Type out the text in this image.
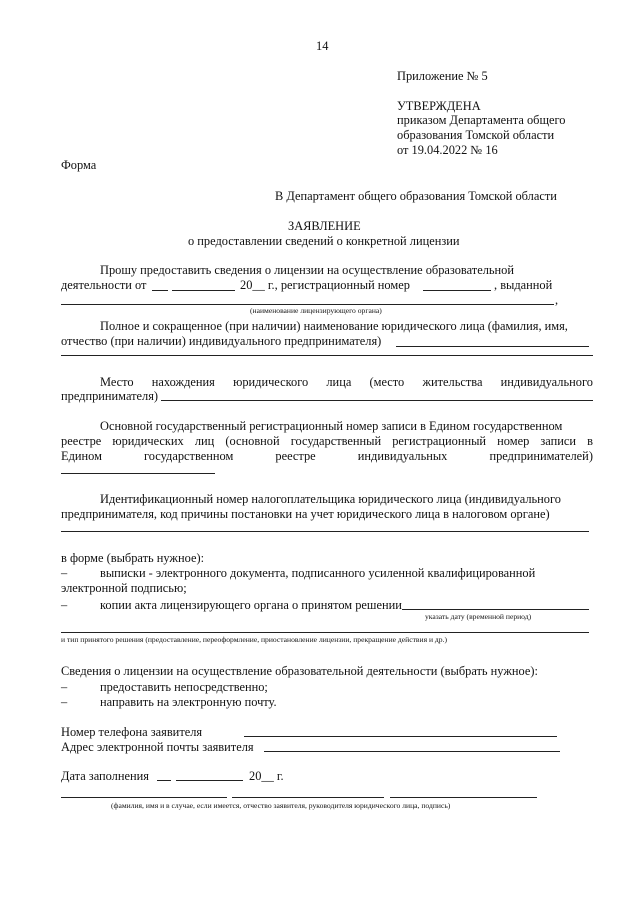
14
Приложение № 5
УТВЕРЖДЕНА
приказом Департамента общего
образования Томской области
от 19.04.2022 № 16
Форма
В Департамент общего образования Томской области
ЗАЯВЛЕНИЕ
о предоставлении сведений о конкретной лицензии
Прошу предоставить сведения о лицензии на осуществление образовательной
деятельности от	20__ г., регистрационный номер	, выданной
,
(наименование лицензирующего органа)
Полное и сокращенное (при наличии) наименование юридического лица (фамилия, имя,
отчество (при наличии) индивидуального предпринимателя)
Место нахождения юридического лица (место жительства индивидуального
предпринимателя)
Основной государственный регистрационный номер записи в Едином государственном
реестре юридических лиц (основной государственный регистрационный номер записи в
Едином	государственном	реестре	индивидуальных	предпринимателей)
Идентификационный номер налогоплательщика юридического лица (индивидуального
предпринимателя, код причины постановки на учет юридического лица в налоговом органе)
в форме (выбрать нужное):
–	выписки - электронного документа, подписанного усиленной квалифицированной
электронной подписью;
–	копии акта лицензирующего органа о принятом решении
указать дату (временной период)
и тип принятого решения (предоставление, переоформление, приостановление лицензии, прекращение действия и др.)
Сведения о лицензии на осуществление образовательной деятельности (выбрать нужное):
–	предоставить непосредственно;
–	направить на электронную почту.
Номер телефона заявителя
Адрес электронной почты заявителя
Дата заполнения	20__ г.
(фамилия, имя и в случае, если имеется, отчество заявителя, руководителя юридического лица, подпись)
